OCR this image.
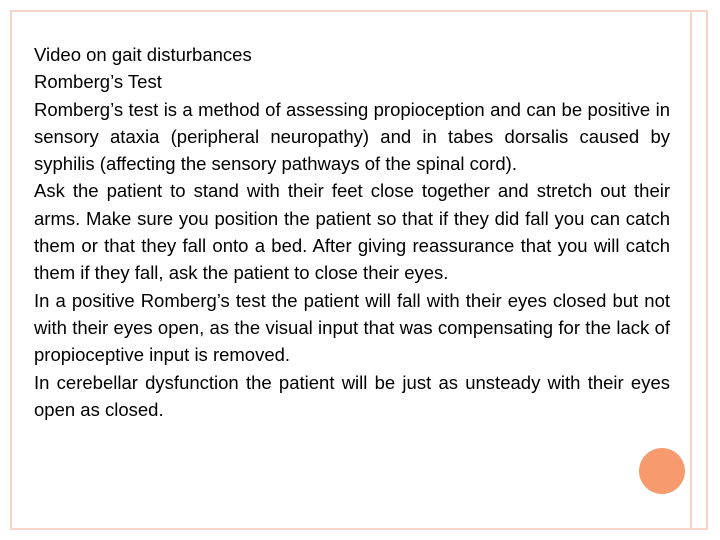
Video on gait disturbances
Romberg’s Test
Romberg’s test is a method of assessing propioception and can be positive in sensory ataxia (peripheral neuropathy) and in tabes dorsalis caused by syphilis (affecting the sensory pathways of the spinal cord).
Ask the patient to stand with their feet close together and stretch out their arms. Make sure you position the patient so that if they did fall you can catch them or that they fall onto a bed. After giving reassurance that you will catch them if they fall, ask the patient to close their eyes.
In a positive Romberg’s test the patient will fall with their eyes closed but not with their eyes open, as the visual input that was compensating for the lack of propioceptive input is removed.
In cerebellar dysfunction the patient will be just as unsteady with their eyes open as closed.
